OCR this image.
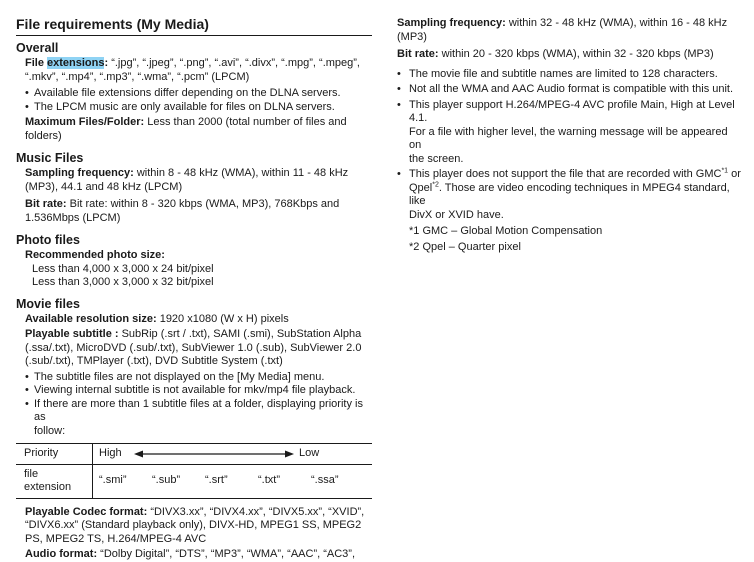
File requirements (My Media)
Overall
File extensions: “.jpg”, “.jpeg”, “.png”, “.avi”, “.divx”, “.mpg”, “.mpeg”,
“.mkv”, “.mp4”, “.mp3”, “.wma”, “.pcm” (LPCM)
• Available file extensions differ depending on the DLNA servers.
• The LPCM music are only available for files on DLNA servers.
Maximum Files/Folder: Less than 2000 (total number of files and
folders)
Music Files
Sampling frequency: within 8 - 48 kHz (WMA), within 11 - 48 kHz
(MP3), 44.1 and 48 kHz (LPCM)
Bit rate: Bit rate: within 8 - 320 kbps (WMA, MP3), 768Kbps and
1.536Mbps (LPCM)
Photo files
Recommended photo size:
Less than 4,000 x 3,000 x 24 bit/pixel
Less than 3,000 x 3,000 x 32 bit/pixel
Movie files
Available resolution size: 1920 x1080 (W x H) pixels
Playable subtitle : SubRip (.srt / .txt), SAMI (.smi), SubStation Alpha
(.ssa/.txt), MicroDVD (.sub/.txt), SubViewer 1.0 (.sub), SubViewer 2.0
(.sub/.txt), TMPlayer (.txt), DVD Subtitle System (.txt)
• The subtitle files are not displayed on the [My Media] menu.
• Viewing internal subtitle is not available for mkv/mp4 file playback.
• If there are more than 1 subtitle files at a folder, displaying priority is as
follow:
Priority	High Low

file extension	“.smi” “.sub” “.srt” “.txt” “.ssa”
Playable Codec format: “DIVX3.xx”, “DIVX4.xx”, “DIVX5.xx”, “XVID”,
“DIVX6.xx” (Standard playback only), DIVX-HD, MPEG1 SS, MPEG2
PS, MPEG2 TS, H.264/MPEG-4 AVC
Audio format: “Dolby Digital”, “DTS”, “MP3”, “WMA”, “AAC”, “AC3”,
Sampling frequency: within 32 - 48 kHz (WMA), within 16 - 48 kHz
(MP3)
Bit rate: within 20 - 320 kbps (WMA), within 32 - 320 kbps (MP3)
• The movie file and subtitle names are limited to 128 characters.
• Not all the WMA and AAC Audio format is compatible with this unit.
• This player support H.264/MPEG-4 AVC profile Main, High at Level 4.1.
For a file with higher level, the warning message will be appeared on
the screen.
• This player does not support the file that are recorded with GMC$^{*1}$ or
Qpel$^{*2}$. Those are video encoding techniques in MPEG4 standard, like
DivX or XVID have.
*1 GMC – Global Motion Compensation
*2 Qpel – Quarter pixel
